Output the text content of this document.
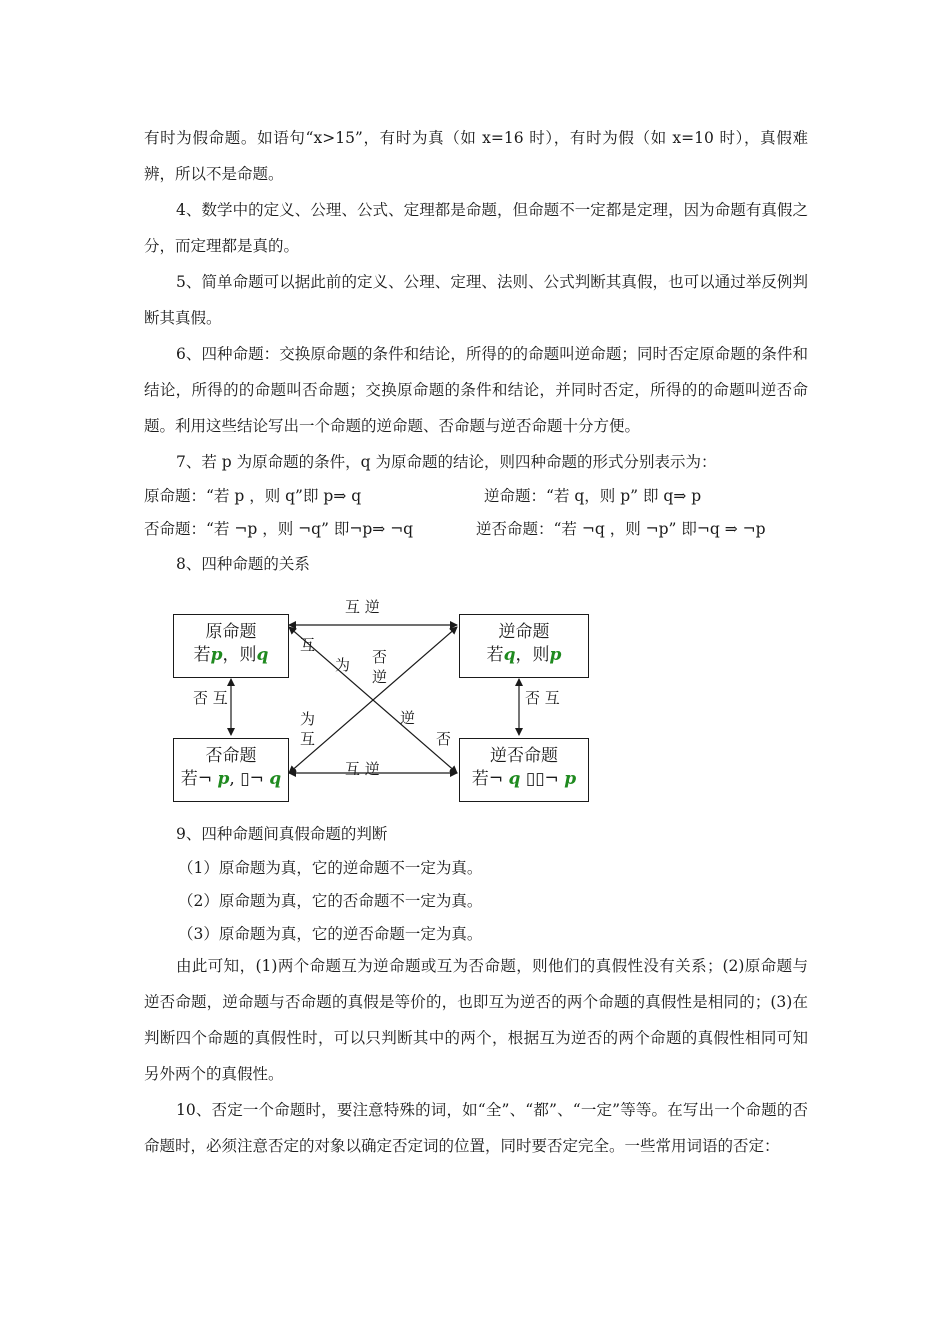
有时为假命题。如语句“x>15”，有时为真（如 x=16 时），有时为假（如 x=10 时），真假难辨，所以不是命题。

4、数学中的定义、公理、公式、定理都是命题，但命题不一定都是定理，因为命题有真假之分，而定理都是真的。

5、简单命题可以据此前的定义、公理、定理、法则、公式判断其真假，也可以通过举反例判断其真假。

6、四种命题：交换原命题的条件和结论，所得的的命题叫逆命题；同时否定原命题的条件和结论，所得的的命题叫否命题；交换原命题的条件和结论，并同时否定，所得的的命题叫逆否命题。利用这些结论写出一个命题的逆命题、否命题与逆否命题十分方便。

7、若 p 为原命题的条件，q 为原命题的结论，则四种命题的形式分别表示为：
原命题：“若 p ，则 q”即 p⇒ q	逆命题：“若 q，则 p” 即 q⇒ p
否命题：“若 ¬p ，则 ¬q” 即¬p⇒ ¬q	逆否命题：“若 ¬q ，则 ¬p” 即¬q ⇒ ¬p
8、四种命题的关系
原命题
若p，则q
逆命题
若q，则p
否命题
若¬ p, ▯¬ q
逆否命题
若¬ q ▯▯¬ p
互 逆
互 逆
否 互	否 互
互
为 否
逆
为
互
逆
否
9、四种命题间真假命题的判断
（1）原命题为真，它的逆命题不一定为真。
（2）原命题为真，它的否命题不一定为真。
（3）原命题为真，它的逆否命题一定为真。

由此可知，(1)两个命题互为逆命题或互为否命题，则他们的真假性没有关系；(2)原命题与逆否命题，逆命题与否命题的真假是等价的，也即互为逆否的两个命题的真假性是相同的；(3)在判断四个命题的真假性时，可以只判断其中的两个，根据互为逆否的两个命题的真假性相同可知另外两个的真假性。

10、否定一个命题时，要注意特殊的词，如“全”、“都”、“一定”等等。在写出一个命题的否命题时，必须注意否定的对象以确定否定词的位置，同时要否定完全。一些常用词语的否定：
